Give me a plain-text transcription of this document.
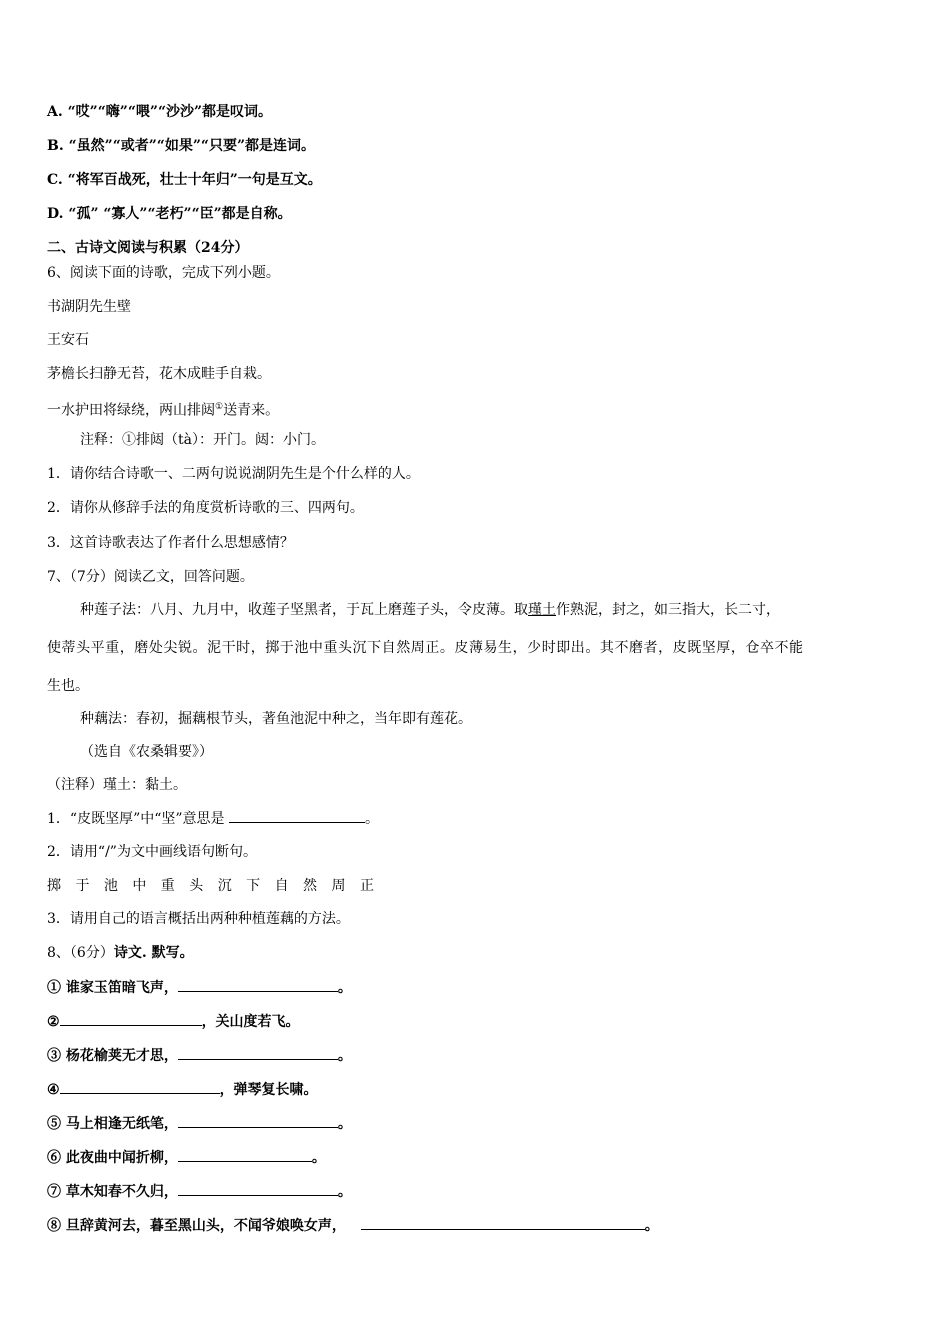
A. “哎”“嗨”“喂”“沙沙”都是叹词。
B. “虽然”“或者”“如果”“只要”都是连词。
C. “将军百战死，壮士十年归”一句是互文。
D. “孤” “寡人”“老朽”“臣”都是自称。
二、古诗文阅读与积累（24分）
6、阅读下面的诗歌，完成下列小题。
书湖阴先生壁
王安石
茅檐长扫静无苔，花木成畦手自栽。
一水护田将绿绕，两山排闼①送青来。
注释：①排闼（tà）：开门。闼：小门。
1．请你结合诗歌一、二两句说说湖阴先生是个什么样的人。
2．请你从修辞手法的角度赏析诗歌的三、四两句。
3．这首诗歌表达了作者什么思想感情？
7、（7分）阅读乙文，回答问题。
种莲子法：八月、九月中，收莲子坚黑者，于瓦上磨莲子头，令皮薄。取瑾土作熟泥，封之，如三指大，长二寸，
使蒂头平重，磨处尖锐。泥干时，掷于池中重头沉下自然周正。皮薄易生，少时即出。其不磨者，皮既坚厚，仓卒不能
生也。
种藕法：春初，掘藕根节头，著鱼池泥中种之，当年即有莲花。
（选自《农桑辑要》）
（注释）瑾土：黏土。
1．“皮既坚厚”中“坚”意思是	。
2．请用“/”为文中画线语句断句。
掷 于 池 中 重 头 沉 下 自 然 周 正
3．请用自己的语言概括出两种种植莲藕的方法。
8、（6分）诗文. 默写。
① 谁家玉笛暗飞声，	。
②	，关山度若飞。
③ 杨花榆荚无才思，	。
④	，弹琴复长啸。
⑤ 马上相逢无纸笔，	。
⑥ 此夜曲中闻折柳，	。
⑦ 草木知春不久归，	。
⑧ 旦辞黄河去，暮至黑山头，不闻爷娘唤女声，	。
